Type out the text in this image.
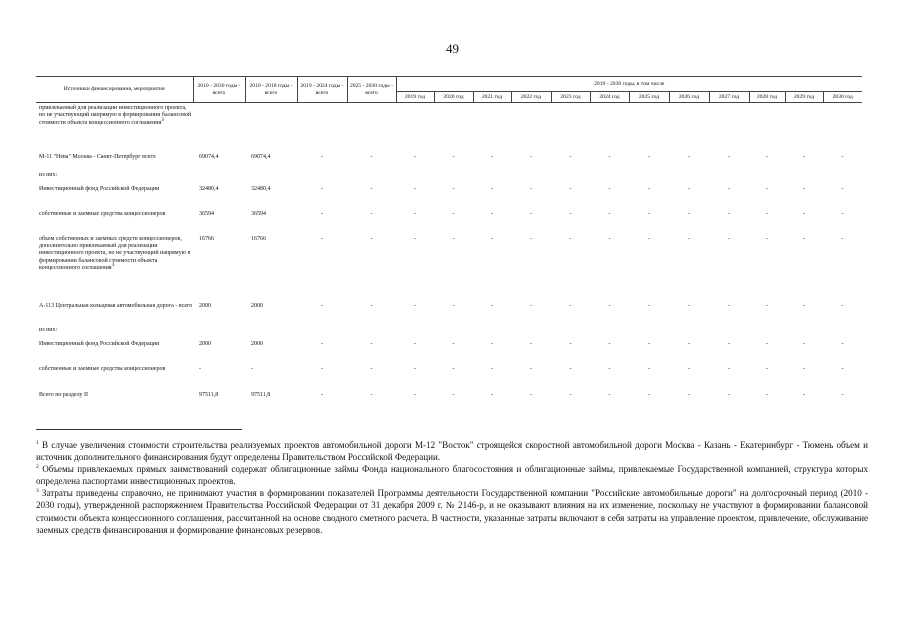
49
Источники финансирования, мероприятия	2010 - 2030 годы - всего	2010 - 2018 годы - всего	2019 - 2024 годы - всего	2025 - 2030 годы - всего	2019 - 2030 годы, в том числе											
					2019 год	2020 год	2021 год	2022 год	2023 год	2024 год	2025 год	2026 год	2027 год	2028 год	2029 год	2030 год
привлекаемый для реализации инвестиционного проекта, но не участвующий напрямую в формировании балансовой стоимости объекта концессионного соглашения$^3$																
М-11 "Нева" Москва - Санкт-Петербург всего	69074,4	69074,4	-	-	-	-	-	-	-	-	-	-	-	-	-	-
из них:																
Инвестиционный фонд Российской Федерации	32480,4	32480,4	-	-	-	-	-	-	-	-	-	-	-	-	-	-
собственные и заемные средства концессионеров	36594	36594	-	-	-	-	-	-	-	-	-	-	-	-	-	-
объем собственных и заемных средств концессионеров, дополнительно привлекаемый для реализации инвестиционного проекта, но не участвующий напрямую в формировании балансовой стоимости объекта концессионного соглашения$^3$	16766	16766	-	-	-	-	-	-	-	-	-	-	-	-	-	-
А-113 Центральная кольцевая автомобильная дорога - всего	2000	2000	-	-	-	-	-	-	-	-	-	-	-	-	-	-
из них:																
Инвестиционный фонд Российской Федерации	2000	2000	-	-	-	-	-	-	-	-	-	-	-	-	-	-
собственные и заемные средства концессионеров	-	-	-	-	-	-	-	-	-	-	-	-	-	-	-	-
Всего по разделу II	97511,8	97511,8	-	-	-	-	-	-	-	-	-	-	-	-	-	-

$^1$ В случае увеличения стоимости строительства реализуемых проектов автомобильной дороги М-12 "Восток" строящейся скоростной автомобильной дороги Москва - Казань - Екатеринбург - Тюмень объем и источник дополнительного финансирования будут определены Правительством Российской Федерации.

$^2$ Объемы привлекаемых прямых заимствований содержат облигационные займы Фонда национального благосостояния и облигационные займы, привлекаемые Государственной компанией, структура которых определена паспортами инвестиционных проектов.

$^3$ Затраты приведены справочно, не принимают участия в формировании показателей Программы деятельности Государственной компании "Российские автомобильные дороги" на долгосрочный период (2010 - 2030 годы), утвержденной распоряжением Правительства Российской Федерации от 31 декабря 2009 г. № 2146-р, и не оказывают влияния на их изменение, поскольку не участвуют в формировании балансовой стоимости объекта концессионного соглашения, рассчитанной на основе сводного сметного расчета. В частности, указанные затраты включают в себя затраты на управление проектом, привлечение, обслуживание заемных средств финансирования и формирование финансовых резервов.
